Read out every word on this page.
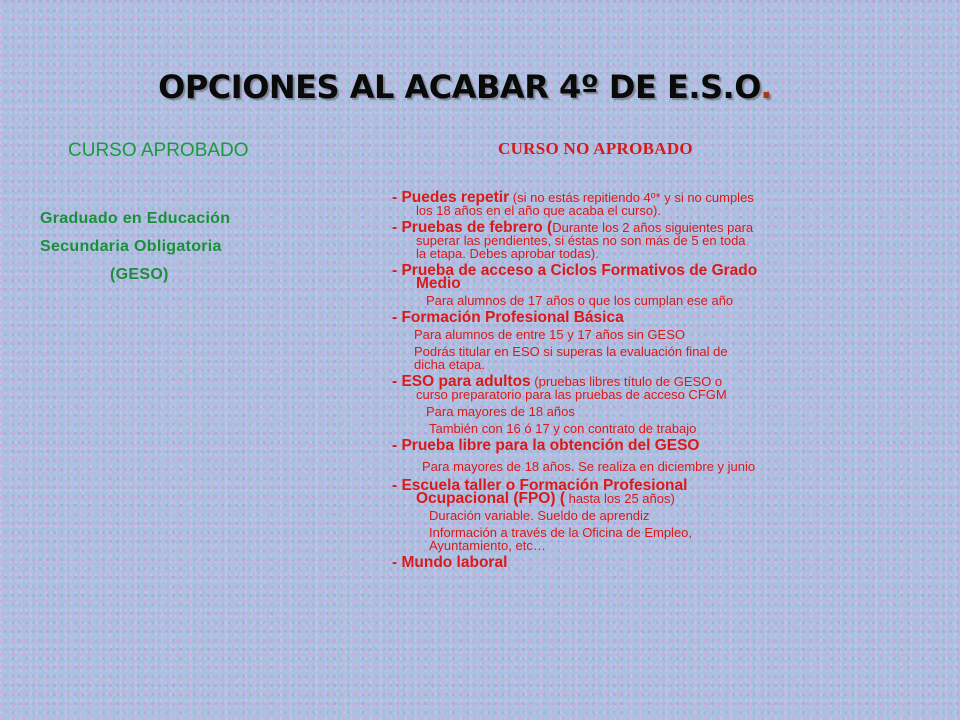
OPCIONES AL ACABAR 4º DE E.S.O.
CURSO APROBADO
Graduado en Educación
Secundaria Obligatoria

(GESO)
CURSO NO APROBADO
- Puedes repetir (si no estás repitiendo 4º* y si no cumples
los 18 años en el año que acaba el curso).
- Pruebas de febrero (Durante los 2 años siguientes para
superar las pendientes, si éstas no son más de 5 en toda
la etapa. Debes aprobar todas).
- Prueba de acceso a Ciclos Formativos de Grado
Medio
Para alumnos de 17 años o que los cumplan ese año
- Formación Profesional Básica
Para alumnos de entre 15 y 17 años sin GESO
Podrás titular en ESO si superas la evaluación final de
dicha etapa.
- ESO para adultos (pruebas libres título de GESO o
curso preparatorio para las pruebas de acceso CFGM
Para mayores de 18 años
También con 16 ó 17 y con contrato de trabajo
- Prueba libre para la obtención del GESO
Para mayores de 18 años. Se realiza en diciembre y junio
- Escuela taller o Formación Profesional
Ocupacional (FPO) ( hasta los 25 años)
Duración variable. Sueldo de aprendiz
Información a través de la Oficina de Empleo,
Ayuntamiento, etc…
- Mundo laboral
